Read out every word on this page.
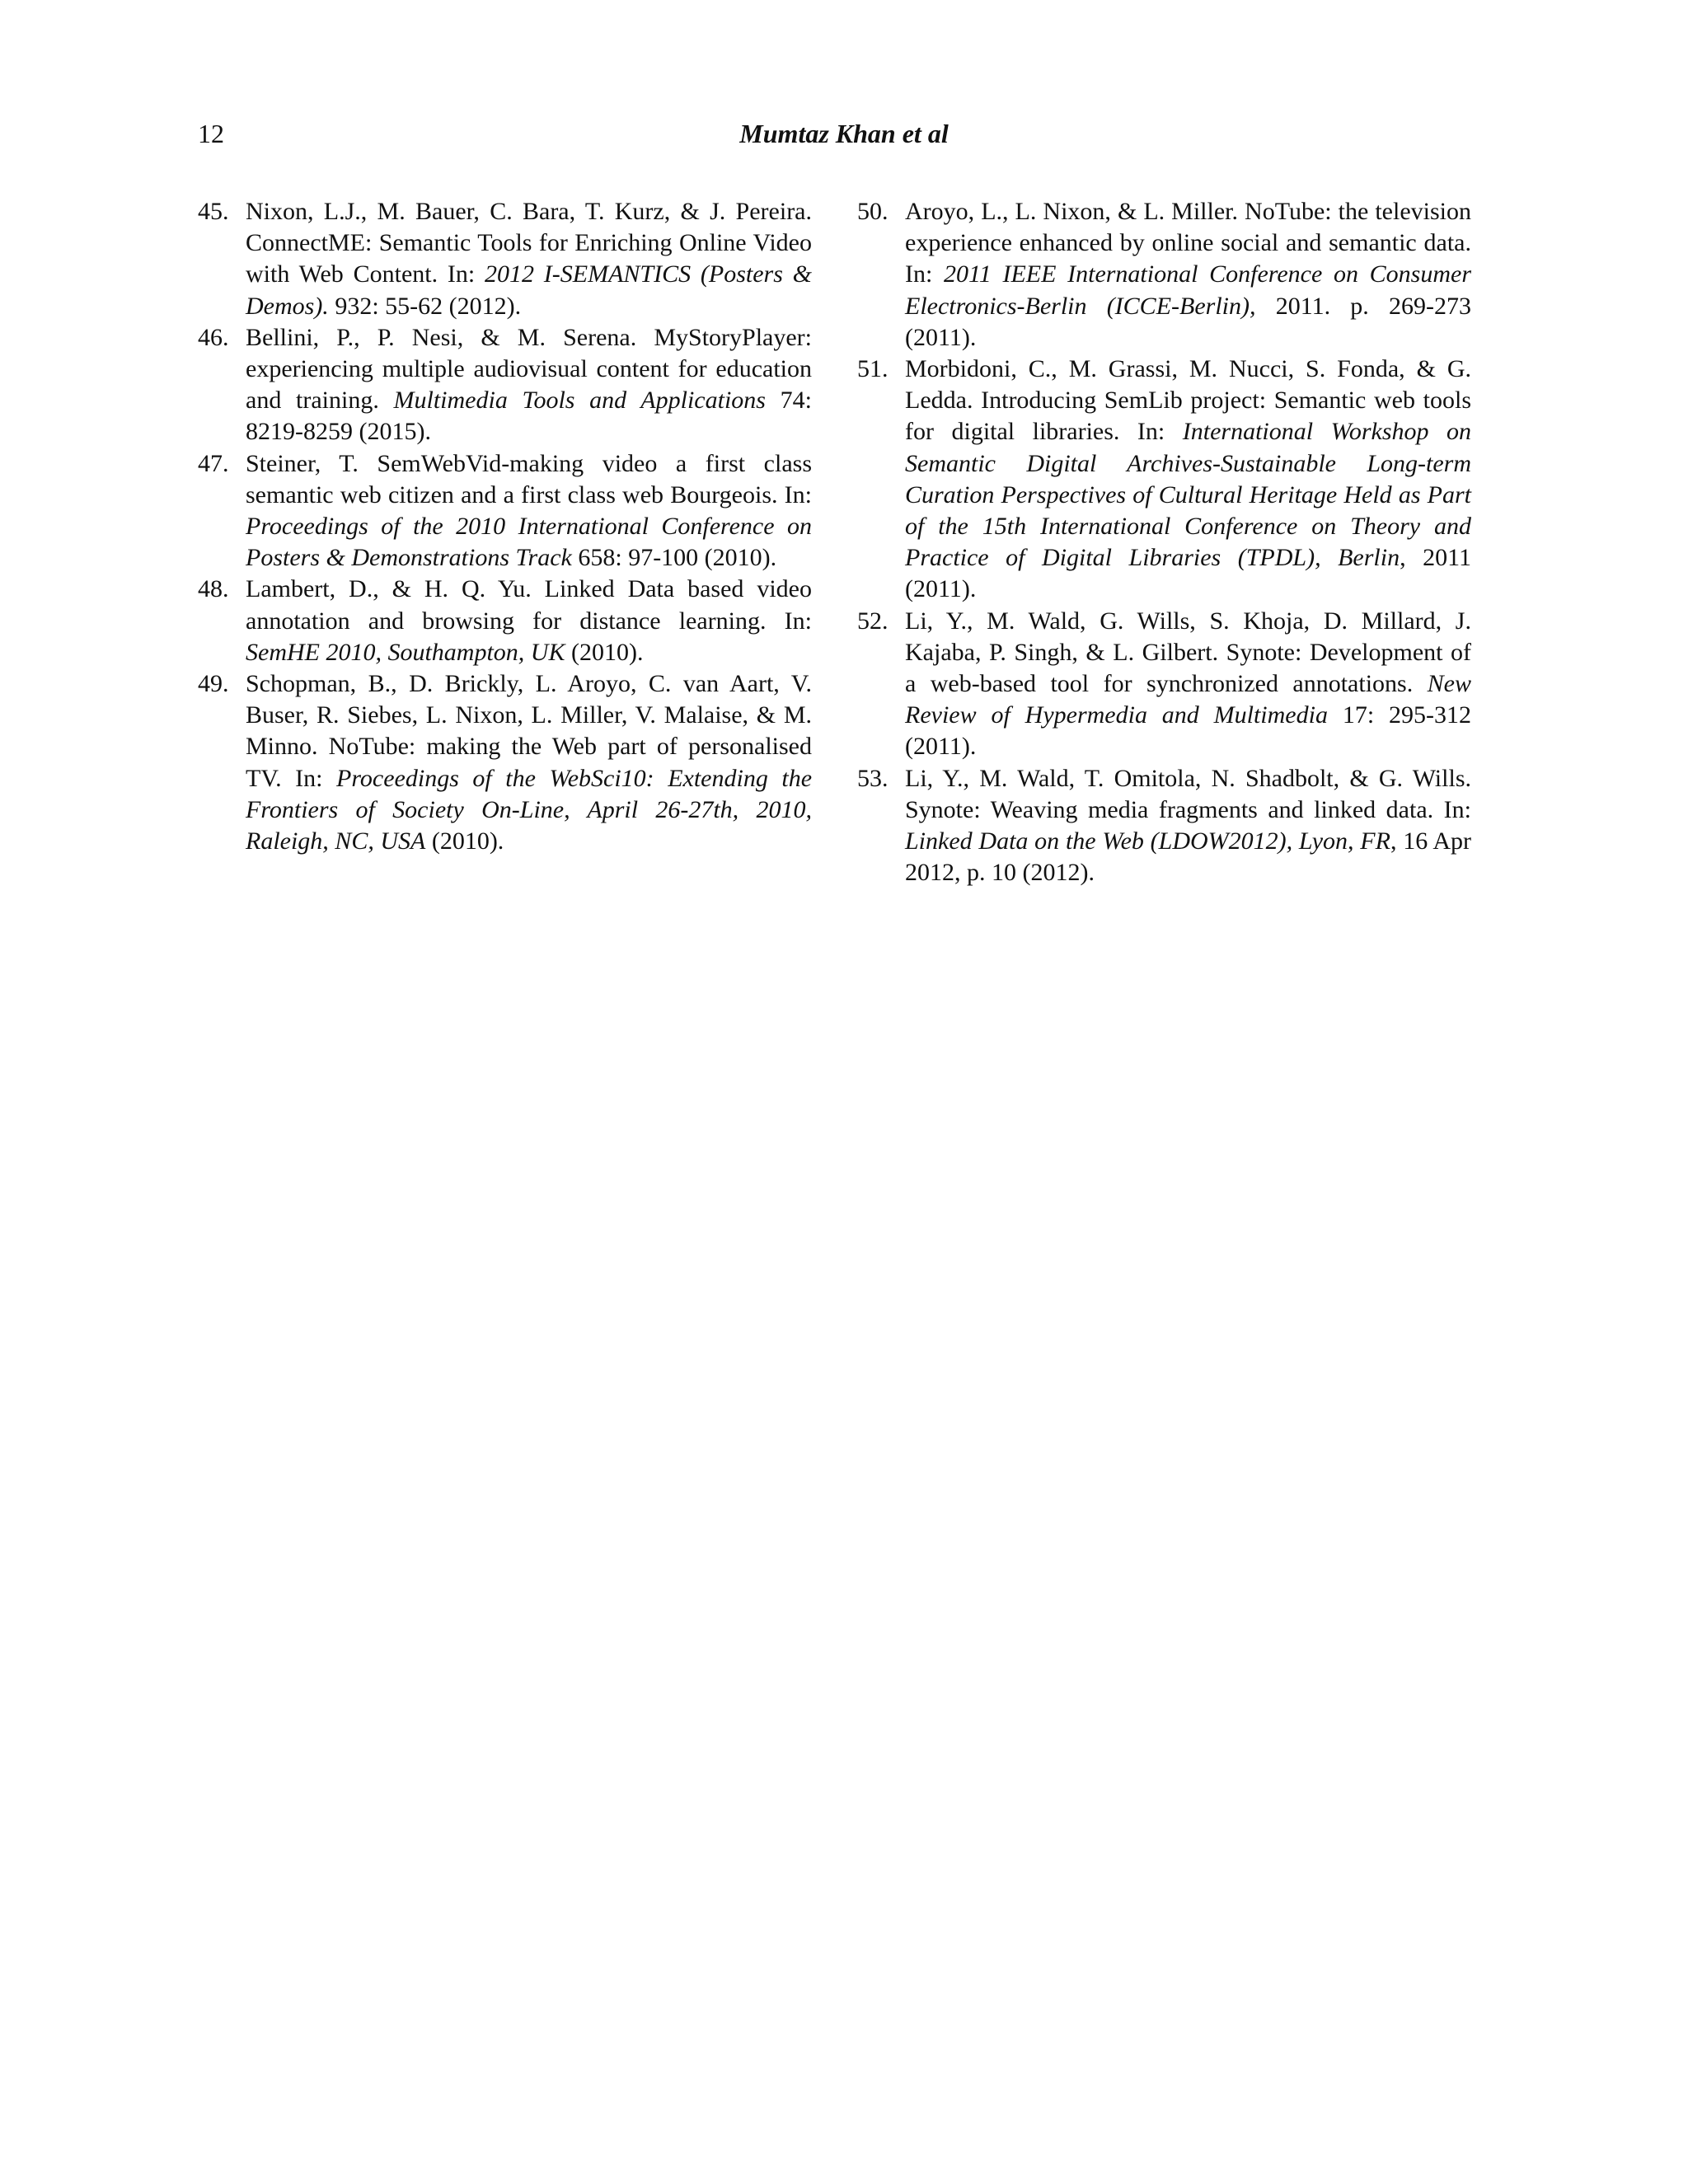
12	Mumtaz Khan et al
45. Nixon, L.J., M. Bauer, C. Bara, T. Kurz, & J. Pereira. ConnectME: Semantic Tools for Enriching Online Video with Web Content. In: 2012 I-SEMANTICS (Posters & Demos). 932: 55-62 (2012).
46. Bellini, P., P. Nesi, & M. Serena. MyStoryPlayer: experiencing multiple audiovisual content for education and training. Multimedia Tools and Applications 74: 8219-8259 (2015).
47. Steiner, T. SemWebVid-making video a first class semantic web citizen and a first class web Bourgeois. In: Proceedings of the 2010 International Conference on Posters & Demonstrations Track 658: 97-100 (2010).
48. Lambert, D., & H. Q. Yu. Linked Data based video annotation and browsing for distance learning. In: SemHE 2010, Southampton, UK (2010).
49. Schopman, B., D. Brickly, L. Aroyo, C. van Aart, V. Buser, R. Siebes, L. Nixon, L. Miller, V. Malaise, & M. Minno. NoTube: making the Web part of personalised TV. In: Proceedings of the WebSci10: Extending the Frontiers of Society On-Line, April 26-27th, 2010, Raleigh, NC, USA (2010).
50. Aroyo, L., L. Nixon, & L. Miller. NoTube: the television experience enhanced by online social and semantic data. In: 2011 IEEE International Conference on Consumer Electronics-Berlin (ICCE-Berlin), 2011. p. 269-273 (2011).
51. Morbidoni, C., M. Grassi, M. Nucci, S. Fonda, & G. Ledda. Introducing SemLib project: Semantic web tools for digital libraries. In: International Workshop on Semantic Digital Archives-Sustainable Long-term Curation Perspectives of Cultural Heritage Held as Part of the 15th International Conference on Theory and Practice of Digital Libraries (TPDL), Berlin, 2011 (2011).
52. Li, Y., M. Wald, G. Wills, S. Khoja, D. Millard, J. Kajaba, P. Singh, & L. Gilbert. Synote: Development of a web-based tool for synchronized annotations. New Review of Hypermedia and Multimedia 17: 295-312 (2011).
53. Li, Y., M. Wald, T. Omitola, N. Shadbolt, & G. Wills. Synote: Weaving media fragments and linked data. In: Linked Data on the Web (LDOW2012), Lyon, FR, 16 Apr 2012, p. 10 (2012).
